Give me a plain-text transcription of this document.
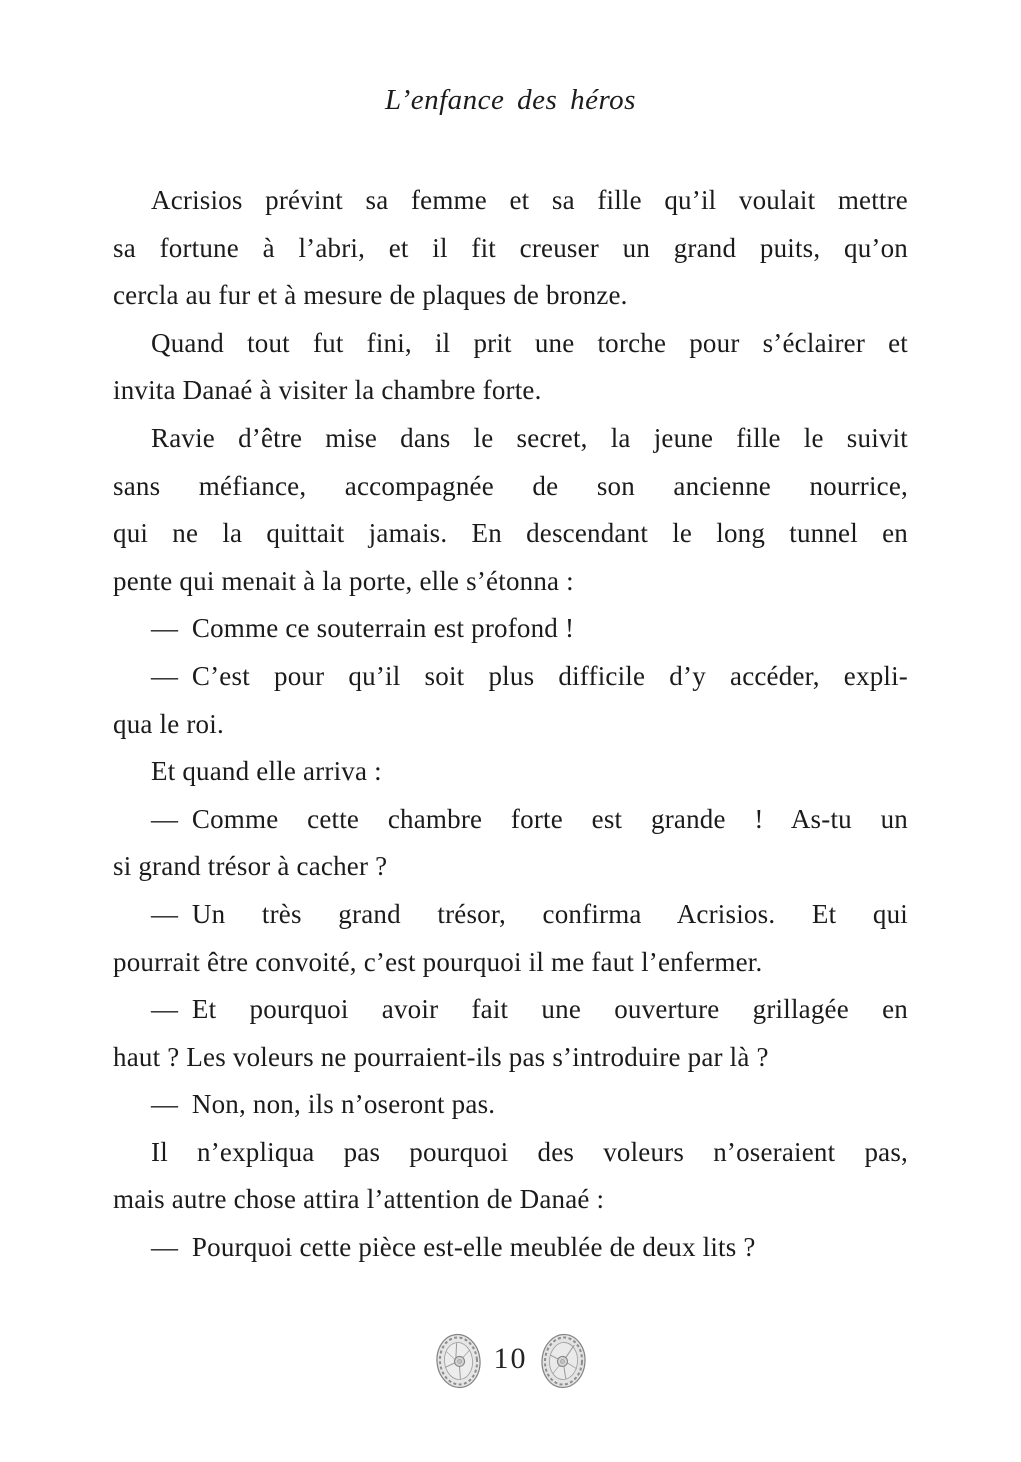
L’enfance des héros
Acrisios prévint sa femme et sa fille qu’il voulait mettre
sa fortune à l’abri, et il fit creuser un grand puits, qu’on
cercla au fur et à mesure de plaques de bronze.
Quand tout fut fini, il prit une torche pour s’éclairer et
invita Danaé à visiter la chambre forte.
Ravie d’être mise dans le secret, la jeune fille le suivit
sans méfiance, accompagnée de son ancienne nourrice,
qui ne la quittait jamais. En descendant le long tunnel en
pente qui menait à la porte, elle s’étonna :
— Comme ce souterrain est profond !
— C’est pour qu’il soit plus difficile d’y accéder, expli-
qua le roi.
Et quand elle arriva :
— Comme cette chambre forte est grande ! As-tu un
si grand trésor à cacher ?
— Un très grand trésor, confirma Acrisios. Et qui
pourrait être convoité, c’est pourquoi il me faut l’enfermer.
— Et pourquoi avoir fait une ouverture grillagée en
haut ? Les voleurs ne pourraient-ils pas s’introduire par là ?
— Non, non, ils n’oseront pas.
Il n’expliqua pas pourquoi des voleurs n’oseraient pas,
mais autre chose attira l’attention de Danaé :
— Pourquoi cette pièce est-elle meublée de deux lits ?
10
